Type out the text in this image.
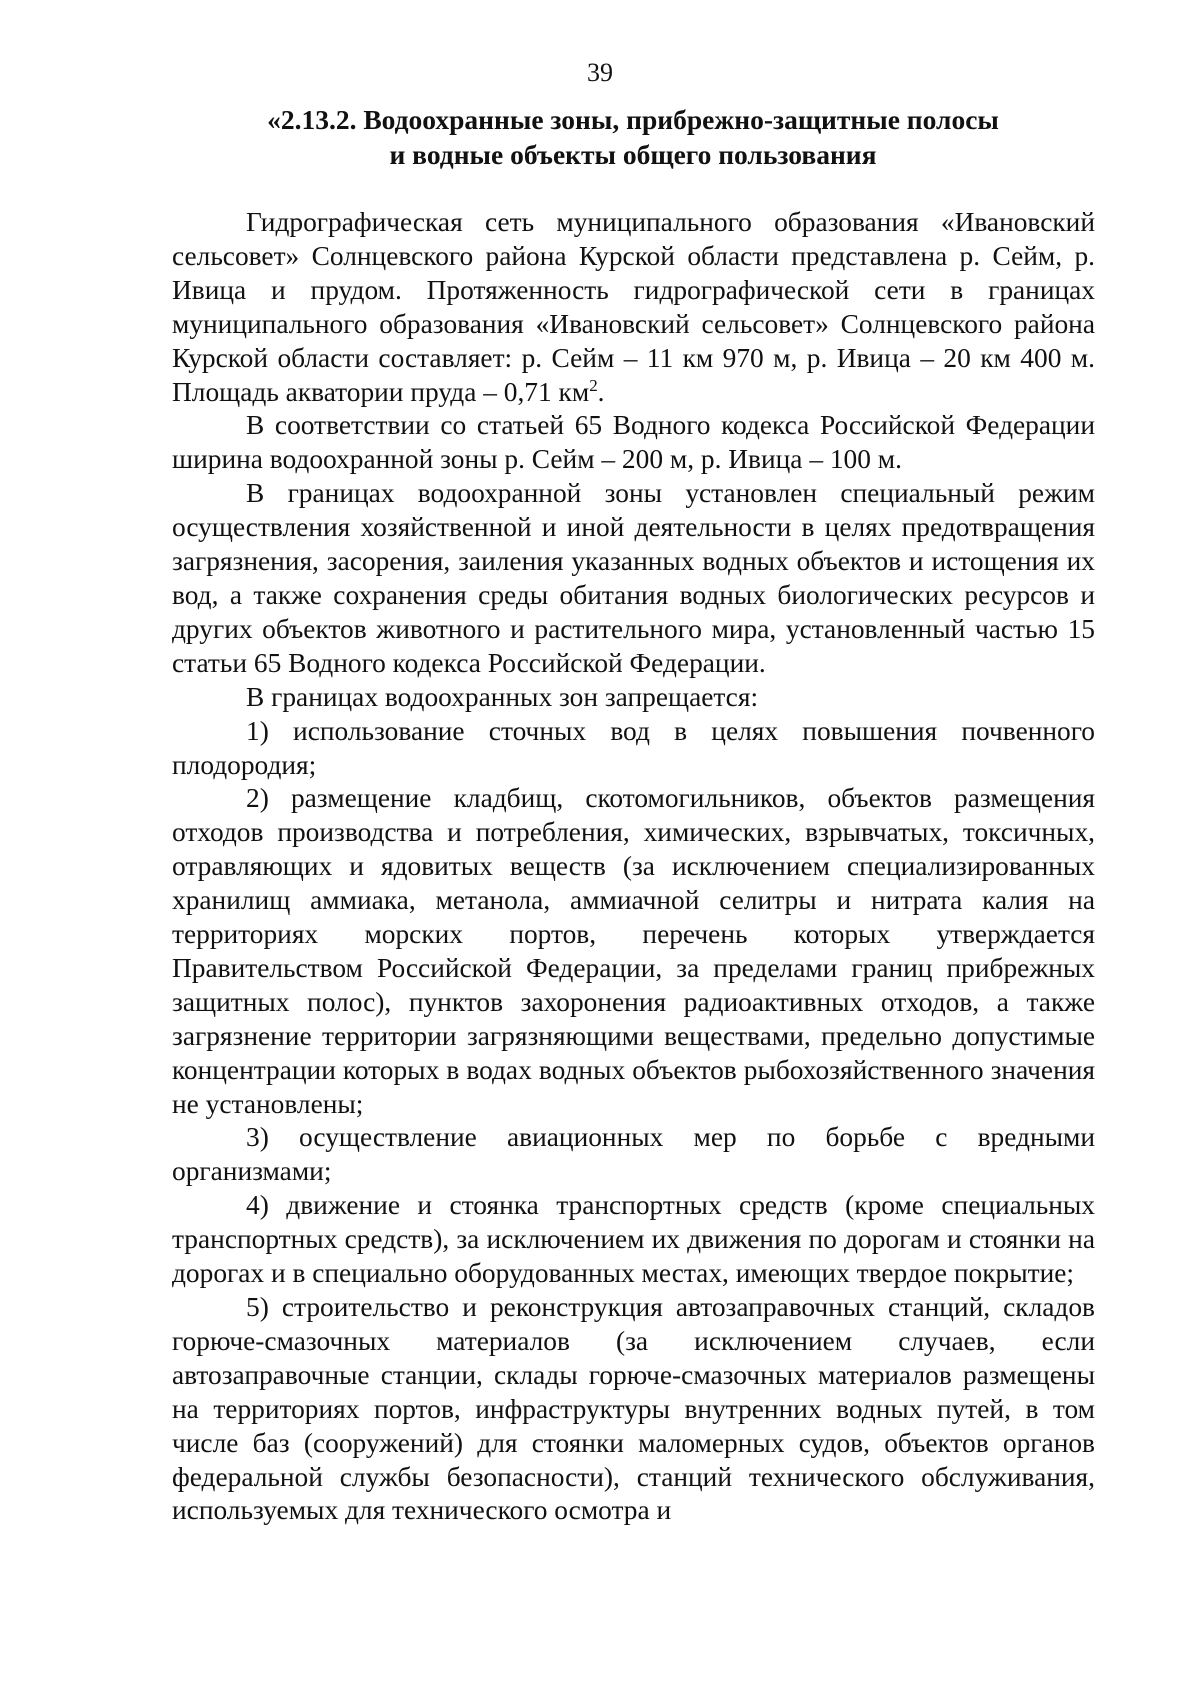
39
«2.13.2. Водоохранные зоны, прибрежно-защитные полосы
и водные объекты общего пользования

Гидрографическая сеть муниципального образования «Ивановский сельсовет» Солнцевского района Курской области представлена р. Сейм, р. Ивица и прудом. Протяженность гидрографической сети в границах муниципального образования «Ивановский сельсовет» Солнцевского района Курской области составляет: р. Сейм – 11 км 970 м, р. Ивица – 20 км 400 м. Площадь акватории пруда – 0,71 $км^2$.

В соответствии со статьей 65 Водного кодекса Российской Федерации ширина водоохранной зоны р. Сейм – 200 м, р. Ивица – 100 м.

В границах водоохранной зоны установлен специальный режим осуществления хозяйственной и иной деятельности в целях предотвращения загрязнения, засорения, заиления указанных водных объектов и истощения их вод, а также сохранения среды обитания водных биологических ресурсов и других объектов животного и растительного мира, установленный частью 15 статьи 65 Водного кодекса Российской Федерации.

В границах водоохранных зон запрещается:

1) использование сточных вод в целях повышения почвенного плодородия;

2) размещение кладбищ, скотомогильников, объектов размещения отходов производства и потребления, химических, взрывчатых, токсичных, отравляющих и ядовитых веществ (за исключением специализированных хранилищ аммиака, метанола, аммиачной селитры и нитрата калия на территориях морских портов, перечень которых утверждается Правительством Российской Федерации, за пределами границ прибрежных защитных полос), пунктов захоронения радиоактивных отходов, а также загрязнение территории загрязняющими веществами, предельно допустимые концентрации которых в водах водных объектов рыбохозяйственного значения не установлены;

3) осуществление авиационных мер по борьбе с вредными организмами;

4) движение и стоянка транспортных средств (кроме специальных транспортных средств), за исключением их движения по дорогам и стоянки на дорогах и в специально оборудованных местах, имеющих твердое покрытие;

5) строительство и реконструкция автозаправочных станций, складов горюче-смазочных материалов (за исключением случаев, если автозаправочные станции, склады горюче-смазочных материалов размещены на территориях портов, инфраструктуры внутренних водных путей, в том числе баз (сооружений) для стоянки маломерных судов, объектов органов федеральной службы безопасности), станций технического обслуживания, используемых для технического осмотра и
